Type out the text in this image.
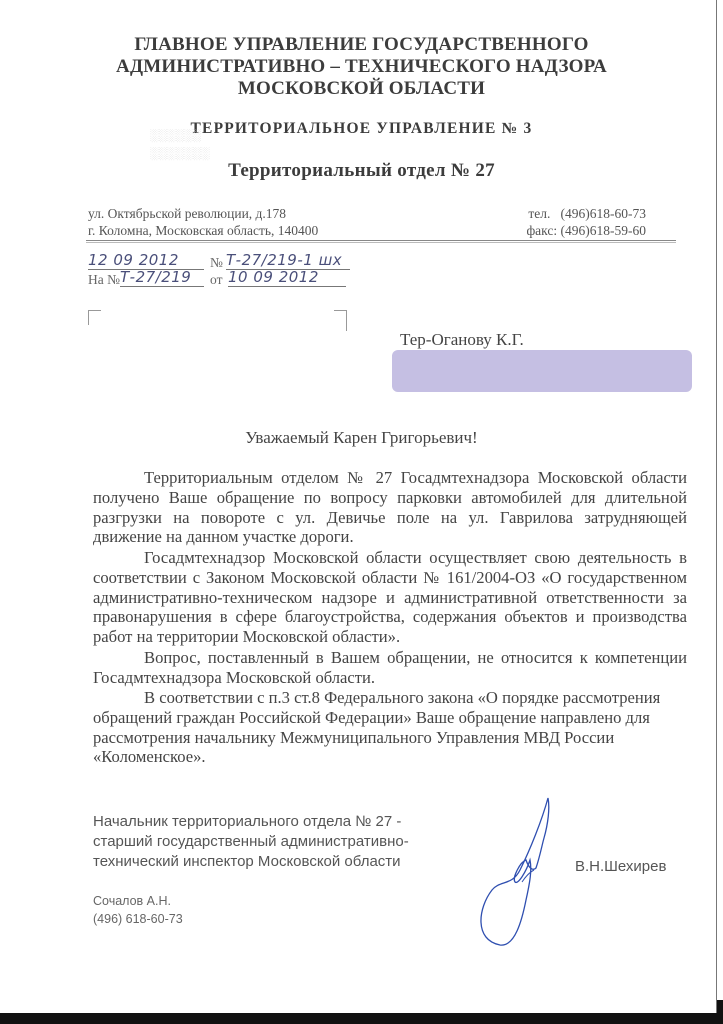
ГЛАВНОЕ УПРАВЛЕНИЕ ГОСУДАРСТВЕННОГО
АДМИНИСТРАТИВНО – ТЕХНИЧЕСКОГО НАДЗОРА
МОСКОВСКОЙ ОБЛАСТИ
ТЕРРИТОРИАЛЬНОЕ УПРАВЛЕНИЕ № 3
Территориальный отдел № 27
░░░░░░
░░░░░░░
ул. Октябрьской революции, д.178
г. Коломна, Московская область, 140400
тел.   (496)618-60-73
факс: (496)618-59-60
12 09 2012	№ Т-27/219-1 шх
На № Т-27/219	от 10 09 2012
Тер-Оганову К.Г.
Уважаемый Карен Григорьевич!

Территориальным отделом № 27 Госадмтехнадзора Московской области получено Ваше обращение по вопросу парковки автомобилей для длительной разгрузки на повороте с ул. Девичье поле на ул. Гаврилова затрудняющей движение на данном участке дороги.

Госадмтехнадзор Московской области осуществляет свою деятельность в соответствии с Законом Московской области № 161/2004-ОЗ «О государственном административно-техническом надзоре и административной ответственности за правонарушения в сфере благоустройства, содержания объектов и производства работ на территории Московской области».

Вопрос, поставленный в Вашем обращении, не относится к компетенции Госадмтехнадзора Московской области.

В соответствии с п.3 ст.8 Федерального закона «О порядке рассмотрения обращений граждан Российской Федерации» Ваше обращение направлено для рассмотрения начальнику Межмуниципального Управления МВД России «Коломенское».

Начальник территориального отдела № 27 -
старший государственный административно-
технический инспектор Московской области	В.Н.Шехирев
Сочалов А.Н.
(496) 618-60-73
